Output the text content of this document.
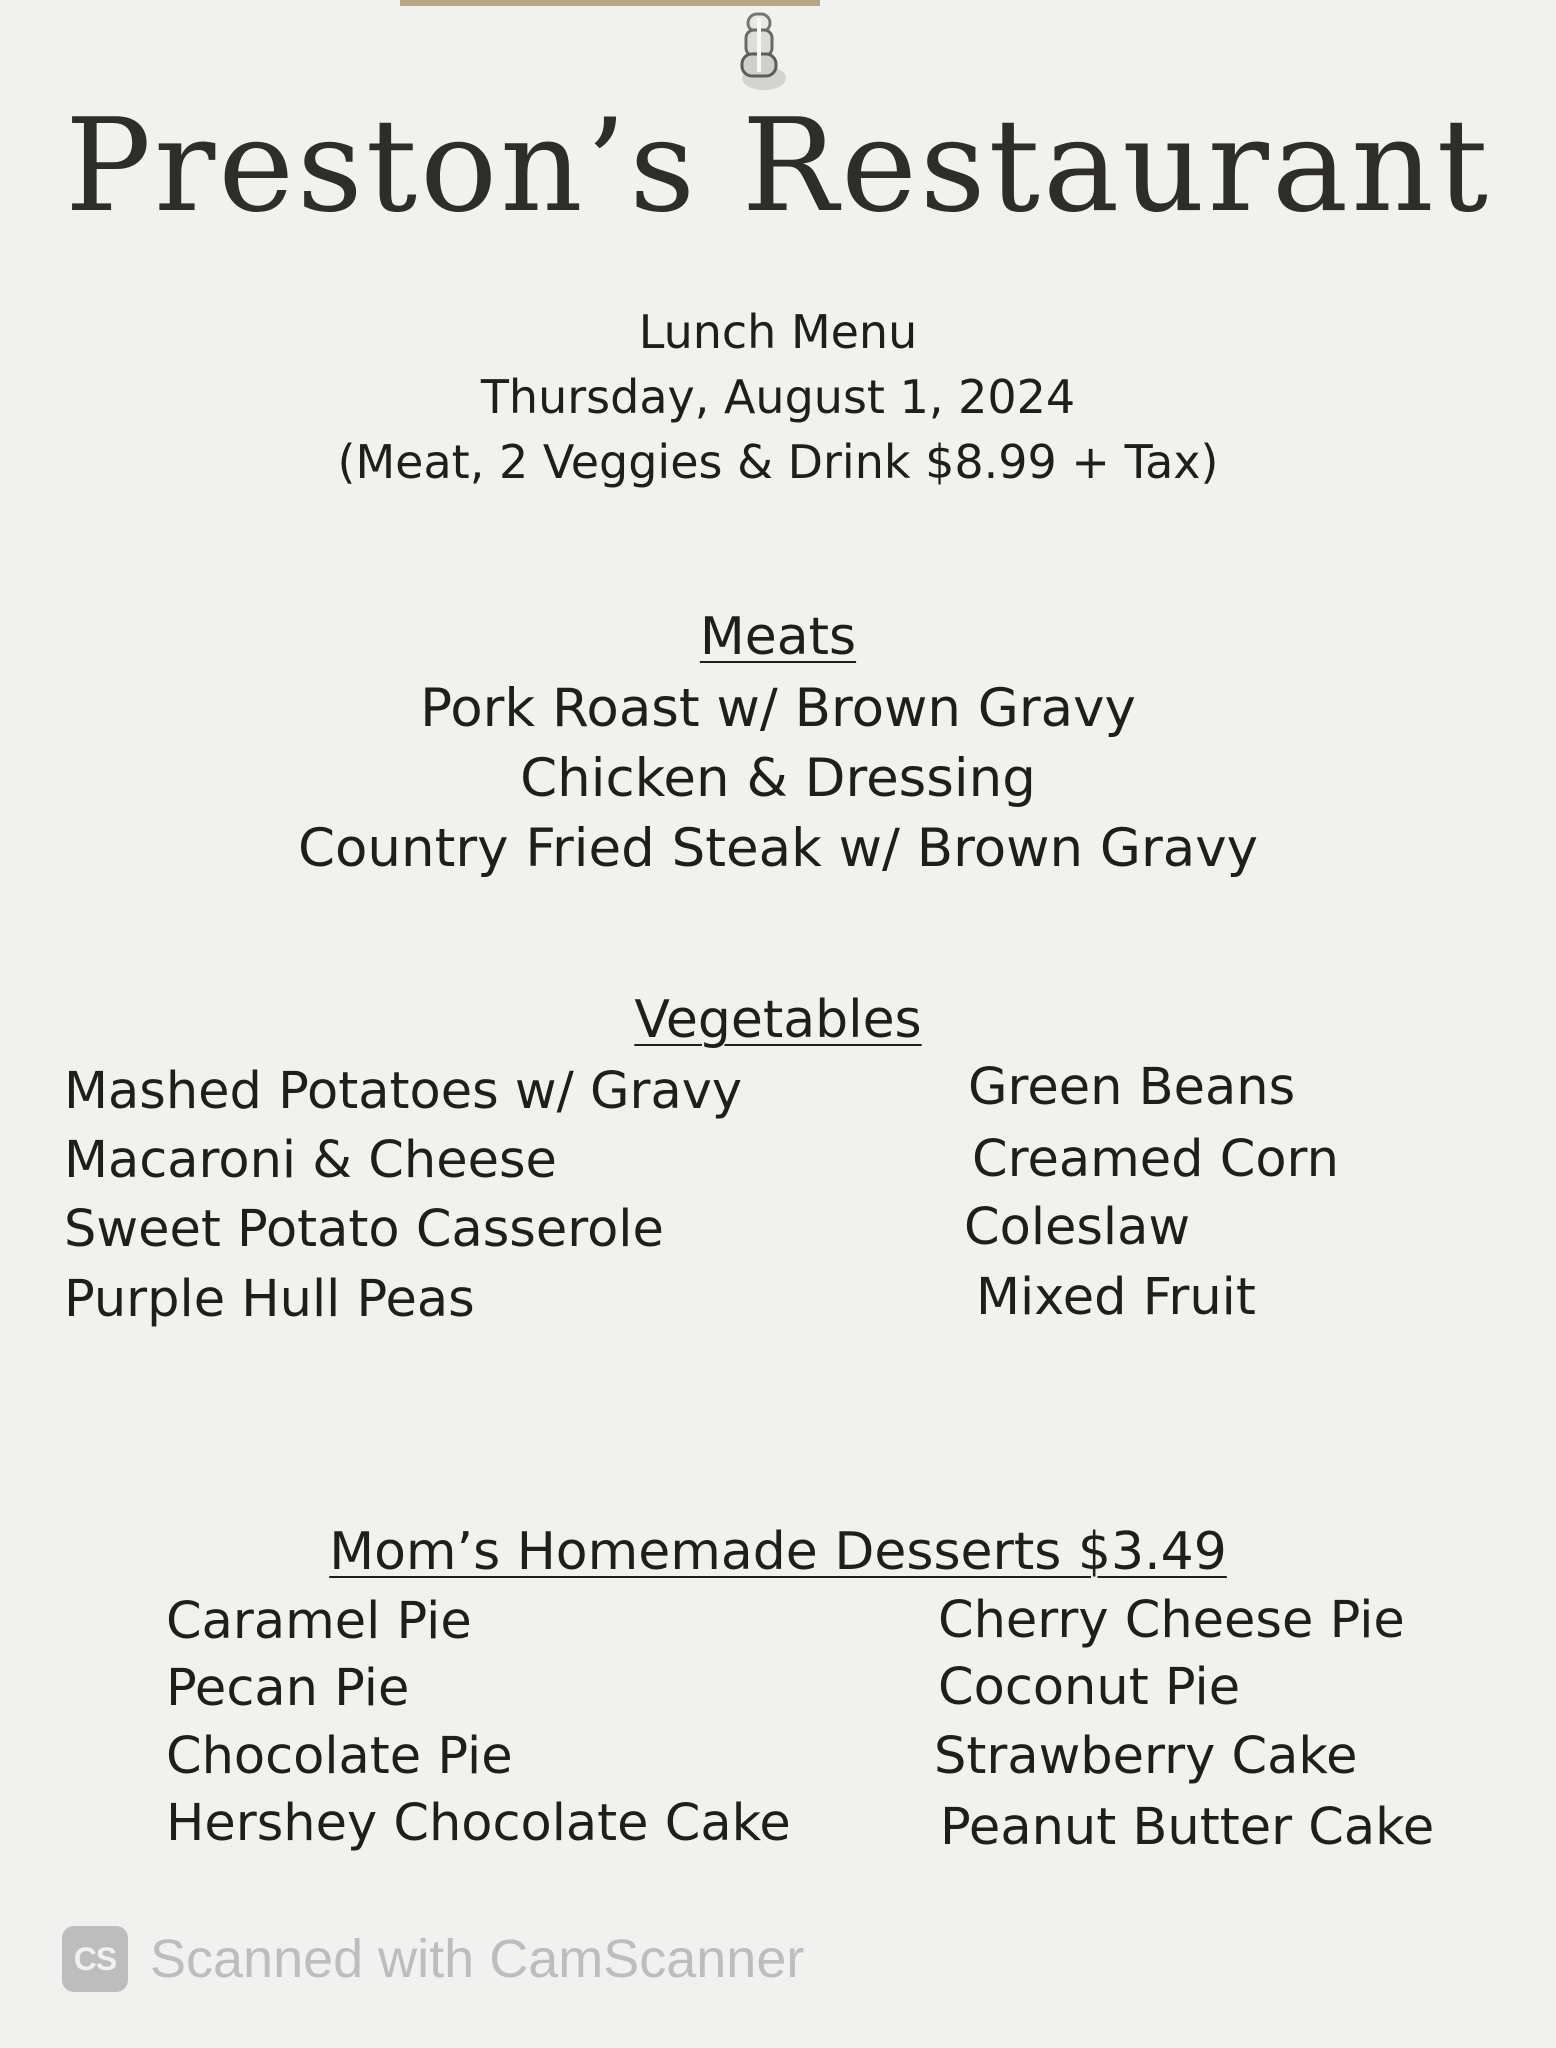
Preston’s Restaurant
Lunch Menu
Thursday, August 1, 2024
(Meat, 2 Veggies & Drink $8.99 + Tax)
Meats
Pork Roast w/ Brown Gravy
Chicken & Dressing
Country Fried Steak w/ Brown Gravy
Vegetables
Mashed Potatoes w/ Gravy
Macaroni & Cheese
Sweet Potato Casserole
Purple Hull Peas
Green Beans
Creamed Corn
Coleslaw
Mixed Fruit
Mom’s Homemade Desserts $3.49
Caramel Pie
Pecan Pie
Chocolate Pie
Hershey Chocolate Cake
Cherry Cheese Pie
Coconut Pie
Strawberry Cake
Peanut Butter Cake
CS Scanned with CamScanner
